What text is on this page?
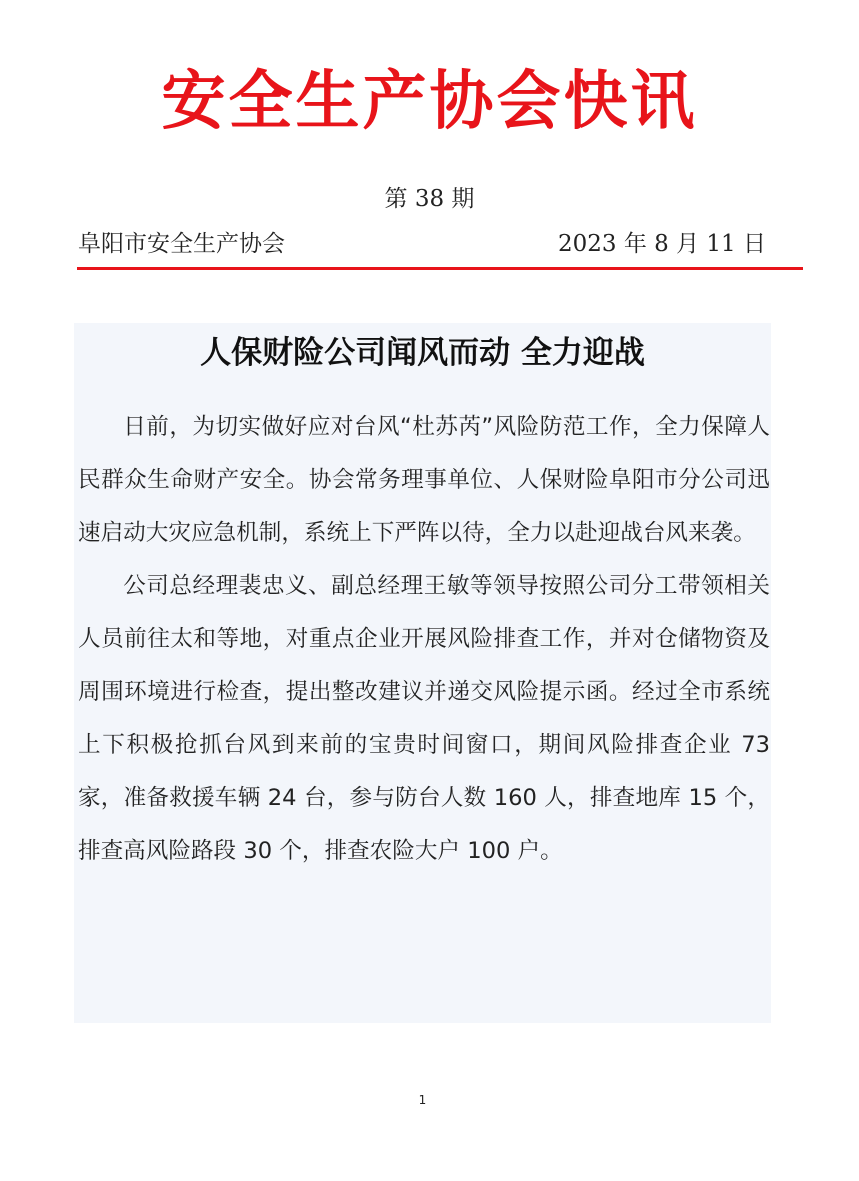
安全生产协会快讯
第 38 期
阜阳市安全生产协会	2023 年 8 月 11 日
人保财险公司闻风而动 全力迎战

日前，为切实做好应对台风“杜苏芮”风险防范工作，全力保障人民群众生命财产安全。协会常务理事单位、人保财险阜阳市分公司迅速启动大灾应急机制，系统上下严阵以待，全力以赴迎战台风来袭。

公司总经理裴忠义、副总经理王敏等领导按照公司分工带领相关人员前往太和等地，对重点企业开展风险排查工作，并对仓储物资及周围环境进行检查，提出整改建议并递交风险提示函。经过全市系统上下积极抢抓台风到来前的宝贵时间窗口，期间风险排查企业 73 家，准备救援车辆 24 台，参与防台人数 160 人，排查地库 15 个，排查高风险路段 30 个，排查农险大户 100 户。

1
